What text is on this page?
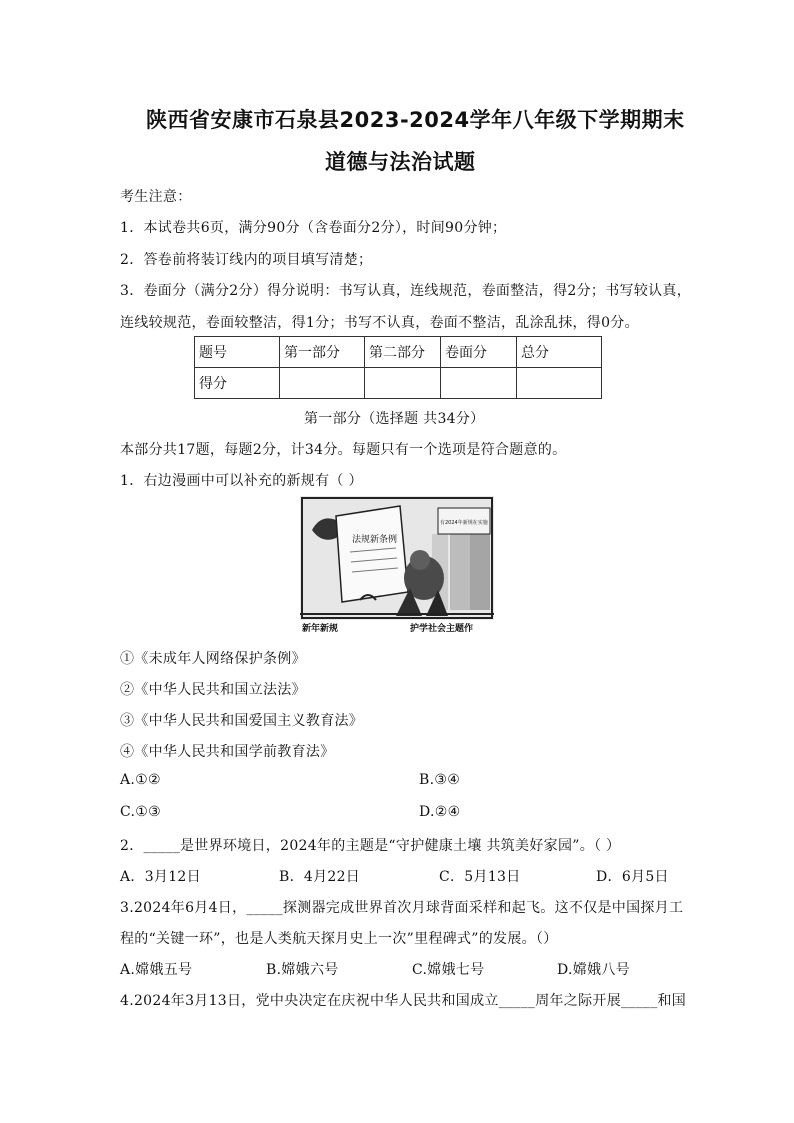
陕西省安康市石泉县2023-2024学年八年级下学期期末
道德与法治试题
考生注意：
1．本试卷共6页，满分90分（含卷面分2分），时间90分钟；
2．答卷前将装订线内的项目填写清楚；
3．卷面分（满分2分）得分说明：书写认真，连线规范，卷面整洁，得2分；书写较认真，
连线较规范，卷面较整洁，得1分；书写不认真，卷面不整洁，乱涂乱抹，得0分。
题号	第一部分	第二部分	卷面分	总分
得分				
第一部分（选择题 共34分）
本部分共17题，每题2分，计34分。每题只有一个选项是符合题意的。
1．右边漫画中可以补充的新规有（ ）
法规新条例
有2024年新规在实施
新年新规	护学社会主题作
①《未成年人网络保护条例》
②《中华人民共和国立法法》
③《中华人民共和国爱国主义教育法》
④《中华人民共和国学前教育法》
A.①②	B.③④
C.①③	D.②④
2．_____是世界环境日，2024年的主题是“守护健康土壤 共筑美好家园”。（ ）
A．3月12日	B．4月22日	C．5月13日	D．6月5日
3.2024年6月4日，_____探测器完成世界首次月球背面采样和起飞。这不仅是中国探月工
程的“关键一环”，也是人类航天探月史上一次”里程碑式”的发展。（）
A.嫦娥五号	B.嫦娥六号	C.嫦娥七号	D.嫦娥八号
4.2024年3月13日，党中央决定在庆祝中华人民共和国成立_____周年之际开展_____和国
